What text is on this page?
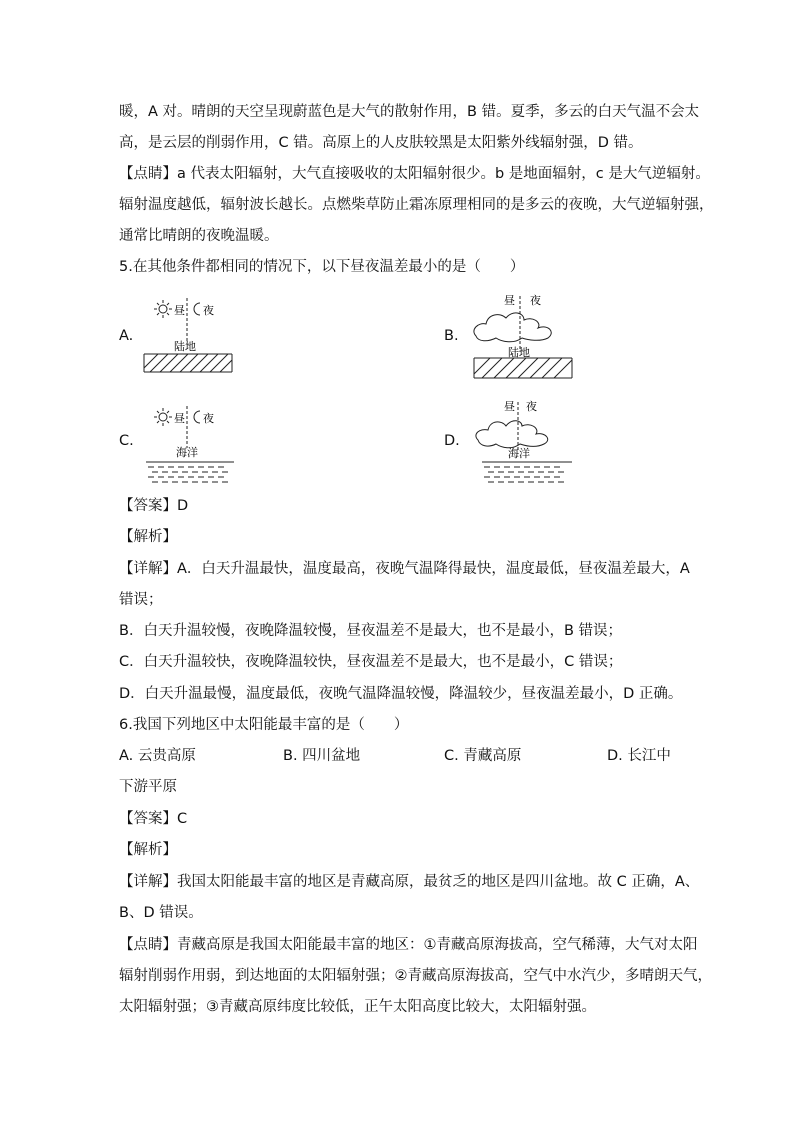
暖，A 对。晴朗的天空呈现蔚蓝色是大气的散射作用，B 错。夏季，多云的白天气温不会太
高，是云层的削弱作用，C 错。高原上的人皮肤较黑是太阳紫外线辐射强，D 错。
【点睛】a 代表太阳辐射，大气直接吸收的太阳辐射很少。b 是地面辐射，c 是大气逆辐射。
辐射温度越低，辐射波长越长。点燃柴草防止霜冻原理相同的是多云的夜晚，大气逆辐射强，
通常比晴朗的夜晚温暖。
5.在其他条件都相同的情况下，以下昼夜温差最小的是（　　）
A.
昼 夜
陆地
B.
昼 夜
陆地
C.
昼 夜
海洋
D.
昼 夜
海洋
【答案】D
【解析】
【详解】A．白天升温最快，温度最高，夜晚气温降得最快，温度最低，昼夜温差最大，A
错误；
B．白天升温较慢，夜晚降温较慢，昼夜温差不是最大，也不是最小，B 错误；
C．白天升温较快，夜晚降温较快，昼夜温差不是最大，也不是最小，C 错误；
D．白天升温最慢，温度最低，夜晚气温降温较慢，降温较少，昼夜温差最小，D 正确。
6.我国下列地区中太阳能最丰富的是（　　）
A. 云贵高原	B. 四川盆地	C. 青藏高原	D. 长江中
下游平原
【答案】C
【解析】
【详解】我国太阳能最丰富的地区是青藏高原，最贫乏的地区是四川盆地。故 C 正确，A、
B、D 错误。
【点睛】青藏高原是我国太阳能最丰富的地区：①青藏高原海拔高，空气稀薄，大气对太阳
辐射削弱作用弱，到达地面的太阳辐射强；②青藏高原海拔高，空气中水汽少，多晴朗天气，
太阳辐射强；③青藏高原纬度比较低，正午太阳高度比较大，太阳辐射强。
